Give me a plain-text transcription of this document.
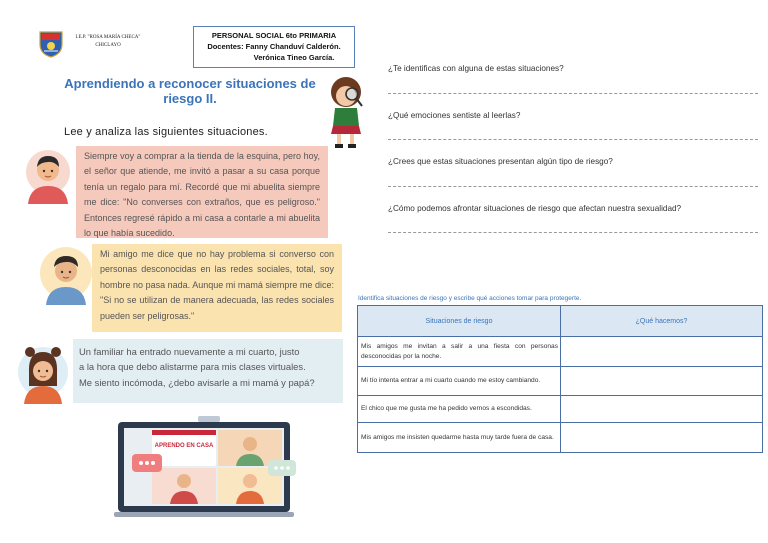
I.E.P. "ROSA MARÍA CHECA"
CHICLAYO
PERSONAL SOCIAL 6to PRIMARIA
Docentes: Fanny Chanduví Calderón.
Verónica Tineo García.
Aprendiendo a reconocer situaciones de riesgo II.
Lee y analiza las siguientes situaciones.
Siempre voy a comprar a la tienda de la esquina, pero hoy, el señor que atiende, me invitó a pasar a su casa porque tenía un regalo para mí. Recordé que mi abuelita siempre me dice: "No converses con extraños, que es peligroso." Entonces regresé rápido a mi casa a contarle a mi abuelita lo que había sucedido.
Mi amigo me dice que no hay problema si converso con personas desconocidas en las redes sociales, total, soy hombre no pasa nada. Aunque mi mamá siempre me dice: "Si no se utilizan de manera adecuada, las redes sociales pueden ser peligrosas."
Un familiar ha entrado nuevamente a mi cuarto, justo
a la hora que debo alistarme para mis clases virtuales.
Me siento incómoda, ¿debo avisarle a mi mamá y papá?
APRENDO EN CASA
¿Te identificas con alguna de estas situaciones?
¿Qué emociones sentiste al leerlas?
¿Crees que estas situaciones presentan algún tipo de riesgo?
¿Cómo podemos afrontar situaciones de riesgo que afectan nuestra sexualidad?
Identifica situaciones de riesgo y escribe qué acciones tomar para protegerte.
Situaciones de riesgo	¿Qué hacemos?
Mis amigos me invitan a salir a una fiesta con personas desconocidas por la noche.	
Mi tío intenta entrar a mi cuarto cuando me estoy cambiando.	
El chico que me gusta me ha pedido vernos a escondidas.	
Mis amigos me insisten quedarme hasta muy tarde fuera de casa.	
